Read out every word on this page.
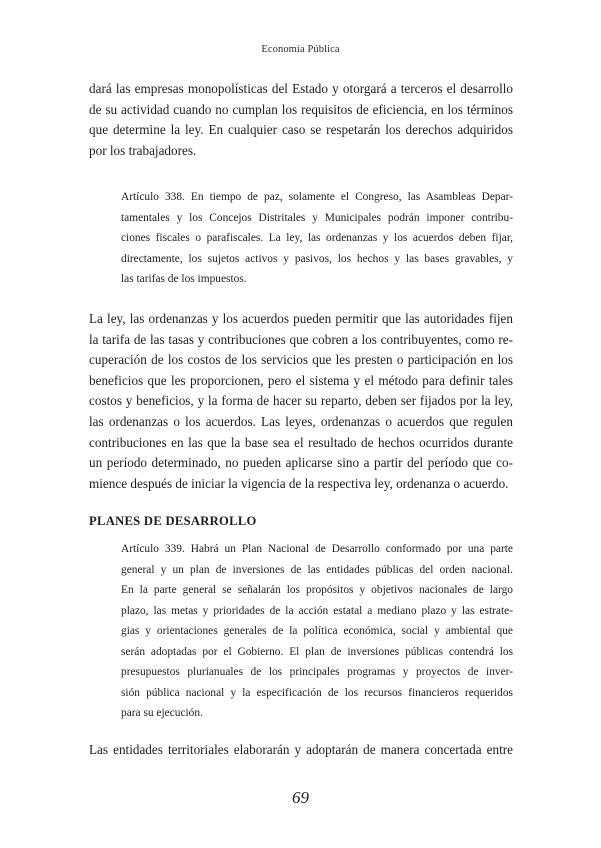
Economía Pública
dará las empresas monopolísticas del Estado y otorgará a terceros el desarrollo
de su actividad cuando no cumplan los requisitos de eficiencia, en los términos
que determine la ley. En cualquier caso se respetarán los derechos adquiridos
por los trabajadores.
Artículo 338. En tiempo de paz, solamente el Congreso, las Asambleas Depar-
tamentales y los Concejos Distritales y Municipales podrán imponer contribu-
ciones fiscales o parafiscales. La ley, las ordenanzas y los acuerdos deben fijar,
directamente, los sujetos activos y pasivos, los hechos y las bases gravables, y
las tarifas de los impuestos.
La ley, las ordenanzas y los acuerdos pueden permitir que las autoridades fijen
la tarifa de las tasas y contribuciones que cobren a los contribuyentes, como re-
cuperación de los costos de los servicios que les presten o participación en los
beneficios que les proporcionen, pero el sistema y el método para definir tales
costos y beneficios, y la forma de hacer su reparto, deben ser fijados por la ley,
las ordenanzas o los acuerdos. Las leyes, ordenanzas o acuerdos que regulen
contribuciones en las que la base sea el resultado de hechos ocurridos durante
un período determinado, no pueden aplicarse sino a partir del período que co-
mience después de iniciar la vigencia de la respectiva ley, ordenanza o acuerdo.
PLANES DE DESARROLLO
Artículo 339. Habrá un Plan Nacional de Desarrollo conformado por una parte
general y un plan de inversiones de las entidades públicas del orden nacional.
En la parte general se señalarán los propósitos y objetivos nacionales de largo
plazo, las metas y prioridades de la acción estatal a mediano plazo y las estrate-
gias y orientaciones generales de la política económica, social y ambiental que
serán adoptadas por el Gobierno. El plan de inversiones públicas contendrá los
presupuestos plurianuales de los principales programas y proyectos de inver-
sión pública nacional y la especificación de los recursos financieros requeridos
para su ejecución.
Las entidades territoriales elaborarán y adoptarán de manera concertada entre
69
